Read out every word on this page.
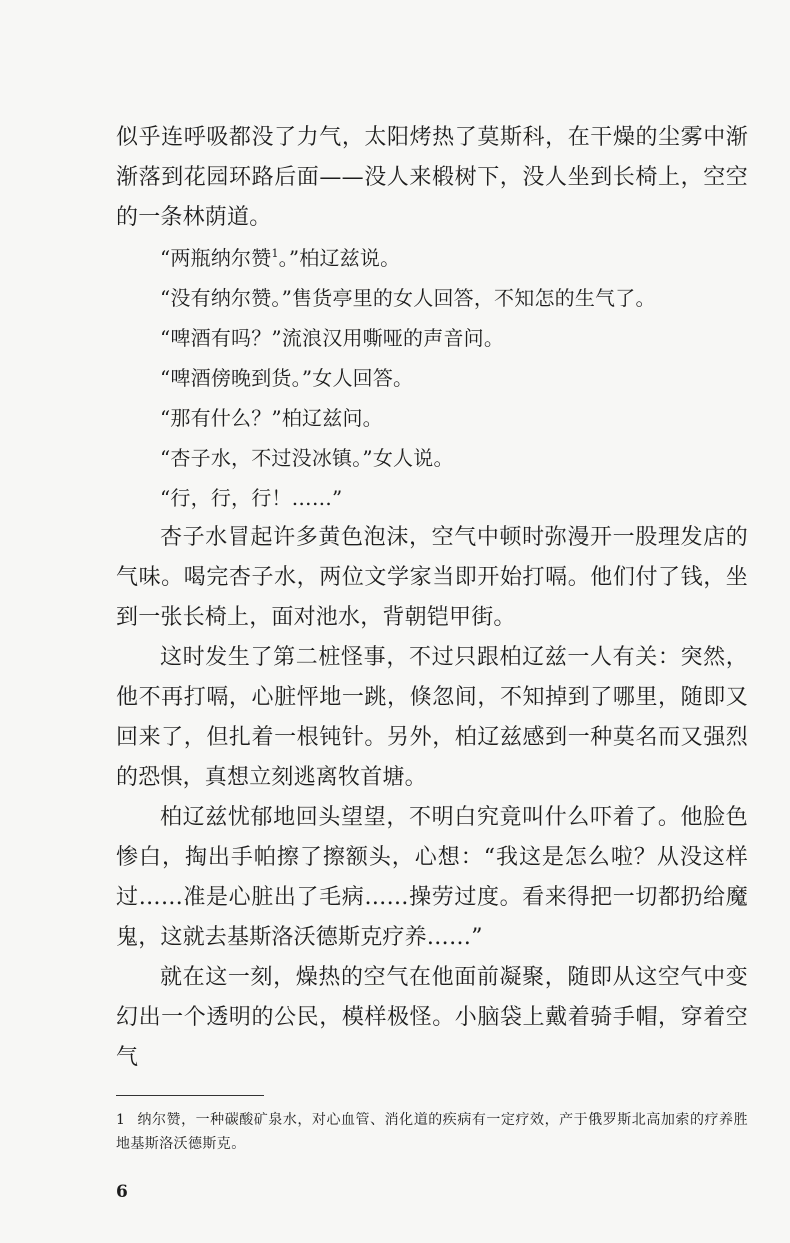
似乎连呼吸都没了力气，太阳烤热了莫斯科，在干燥的尘雾中渐渐落到花园环路后面——没人来椴树下，没人坐到长椅上，空空的一条林荫道。

“两瓶纳尔赞$^1$。”柏辽兹说。

“没有纳尔赞。”售货亭里的女人回答，不知怎的生气了。

“啤酒有吗？”流浪汉用嘶哑的声音问。

“啤酒傍晚到货。”女人回答。

“那有什么？”柏辽兹问。

“杏子水，不过没冰镇。”女人说。

“行，行，行！……”

杏子水冒起许多黄色泡沫，空气中顿时弥漫开一股理发店的气味。喝完杏子水，两位文学家当即开始打嗝。他们付了钱，坐到一张长椅上，面对池水，背朝铠甲街。

这时发生了第二桩怪事，不过只跟柏辽兹一人有关：突然，他不再打嗝，心脏怦地一跳，倏忽间，不知掉到了哪里，随即又回来了，但扎着一根钝针。另外，柏辽兹感到一种莫名而又强烈的恐惧，真想立刻逃离牧首塘。

柏辽兹忧郁地回头望望，不明白究竟叫什么吓着了。他脸色惨白，掏出手帕擦了擦额头，心想：“我这是怎么啦？从没这样过……准是心脏出了毛病……操劳过度。看来得把一切都扔给魔鬼，这就去基斯洛沃德斯克疗养……”

就在这一刻，燥热的空气在他面前凝聚，随即从这空气中变幻出一个透明的公民，模样极怪。小脑袋上戴着骑手帽，穿着空气

1 纳尔赞，一种碳酸矿泉水，对心血管、消化道的疾病有一定疗效，产于俄罗斯北高加索的疗养胜地基斯洛沃德斯克。
6
